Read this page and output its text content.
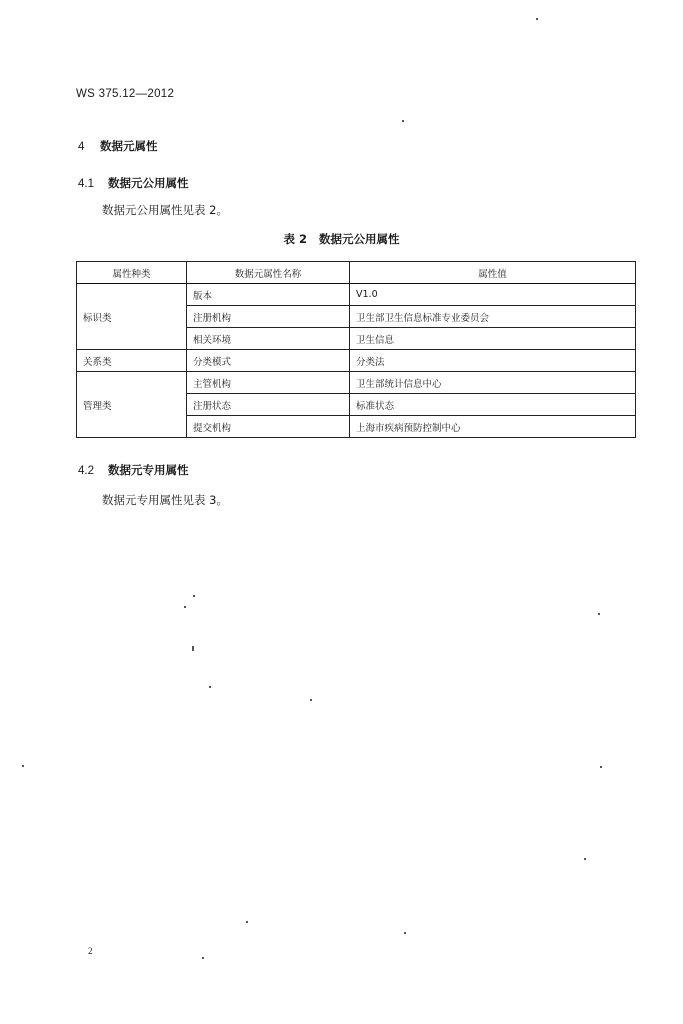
WS 375.12—2012
4 数据元属性
4.1 数据元公用属性
数据元公用属性见表 2。
表 2 数据元公用属性
属性种类	数据元属性名称	属性值
标识类	版本	V1.0
	注册机构	卫生部卫生信息标准专业委员会
	相关环境	卫生信息
关系类	分类模式	分类法
管理类	主管机构	卫生部统计信息中心
	注册状态	标准状态
	提交机构	上海市疾病预防控制中心
4.2 数据元专用属性
数据元专用属性见表 3。
2
